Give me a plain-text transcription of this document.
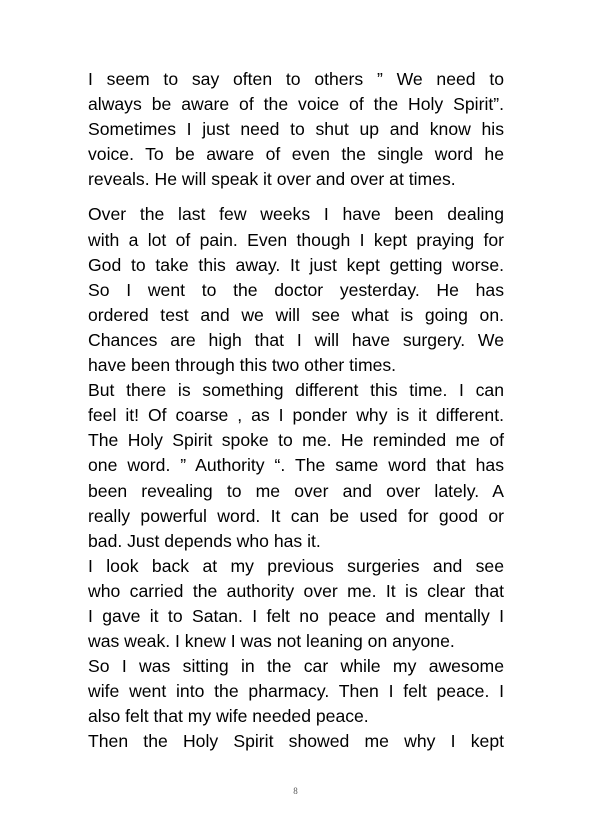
I seem to say often to others ” We need to
always be aware of the voice of the Holy Spirit”.
Sometimes I just need to shut up and know his
voice. To be aware of even the single word he
reveals. He will speak it over and over at times.
Over the last few weeks I have been dealing
with a lot of pain. Even though I kept praying for
God to take this away. It just kept getting worse.
So I went to the doctor yesterday. He has
ordered test and we will see what is going on.
Chances are high that I will have surgery. We
have been through this two other times.
But there is something different this time. I can
feel it! Of coarse , as I ponder why is it different.
The Holy Spirit spoke to me. He reminded me of
one word. ” Authority “. The same word that has
been revealing to me over and over lately. A
really powerful word. It can be used for good or
bad. Just depends who has it.
I look back at my previous surgeries and see
who carried the authority over me. It is clear that
I gave it to Satan. I felt no peace and mentally I
was weak. I knew I was not leaning on anyone.
So I was sitting in the car while my awesome
wife went into the pharmacy. Then I felt peace. I
also felt that my wife needed peace.
Then the Holy Spirit showed me why I kept
8
